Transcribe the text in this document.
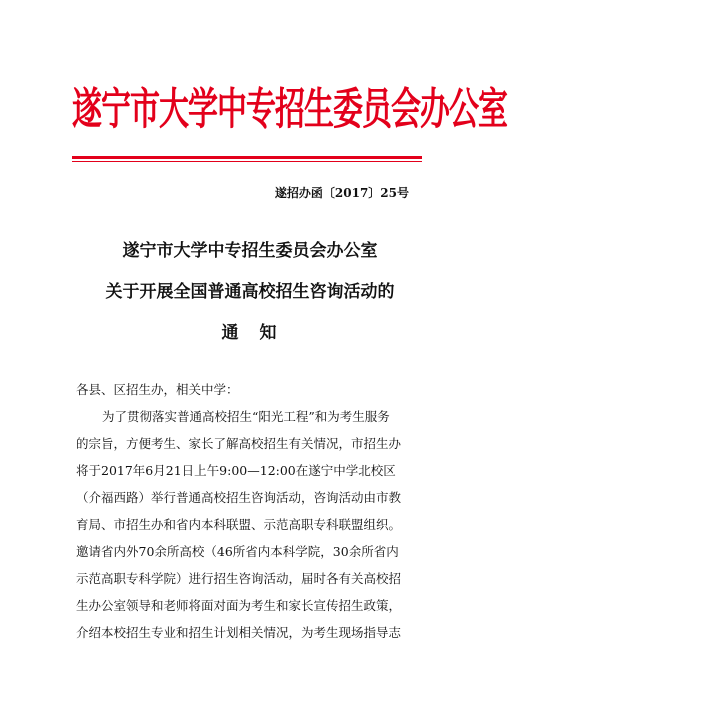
遂宁市大学中专招生委员会办公室
遂招办函〔2017〕25号
遂宁市大学中专招生委员会办公室
关于开展全国普通高校招生咨询活动的
通　知
各县、区招生办，相关中学：
为了贯彻落实普通高校招生“阳光工程”和为考生服务
的宗旨，方便考生、家长了解高校招生有关情况，市招生办
将于2017年6月21日上午9:00—12:00在遂宁中学北校区
（介福西路）举行普通高校招生咨询活动，咨询活动由市教
育局、市招生办和省内本科联盟、示范高职专科联盟组织。
邀请省内外70余所高校（46所省内本科学院，30余所省内
示范高职专科学院）进行招生咨询活动，届时各有关高校招
生办公室领导和老师将面对面为考生和家长宣传招生政策，
介绍本校招生专业和招生计划相关情况，为考生现场指导志
